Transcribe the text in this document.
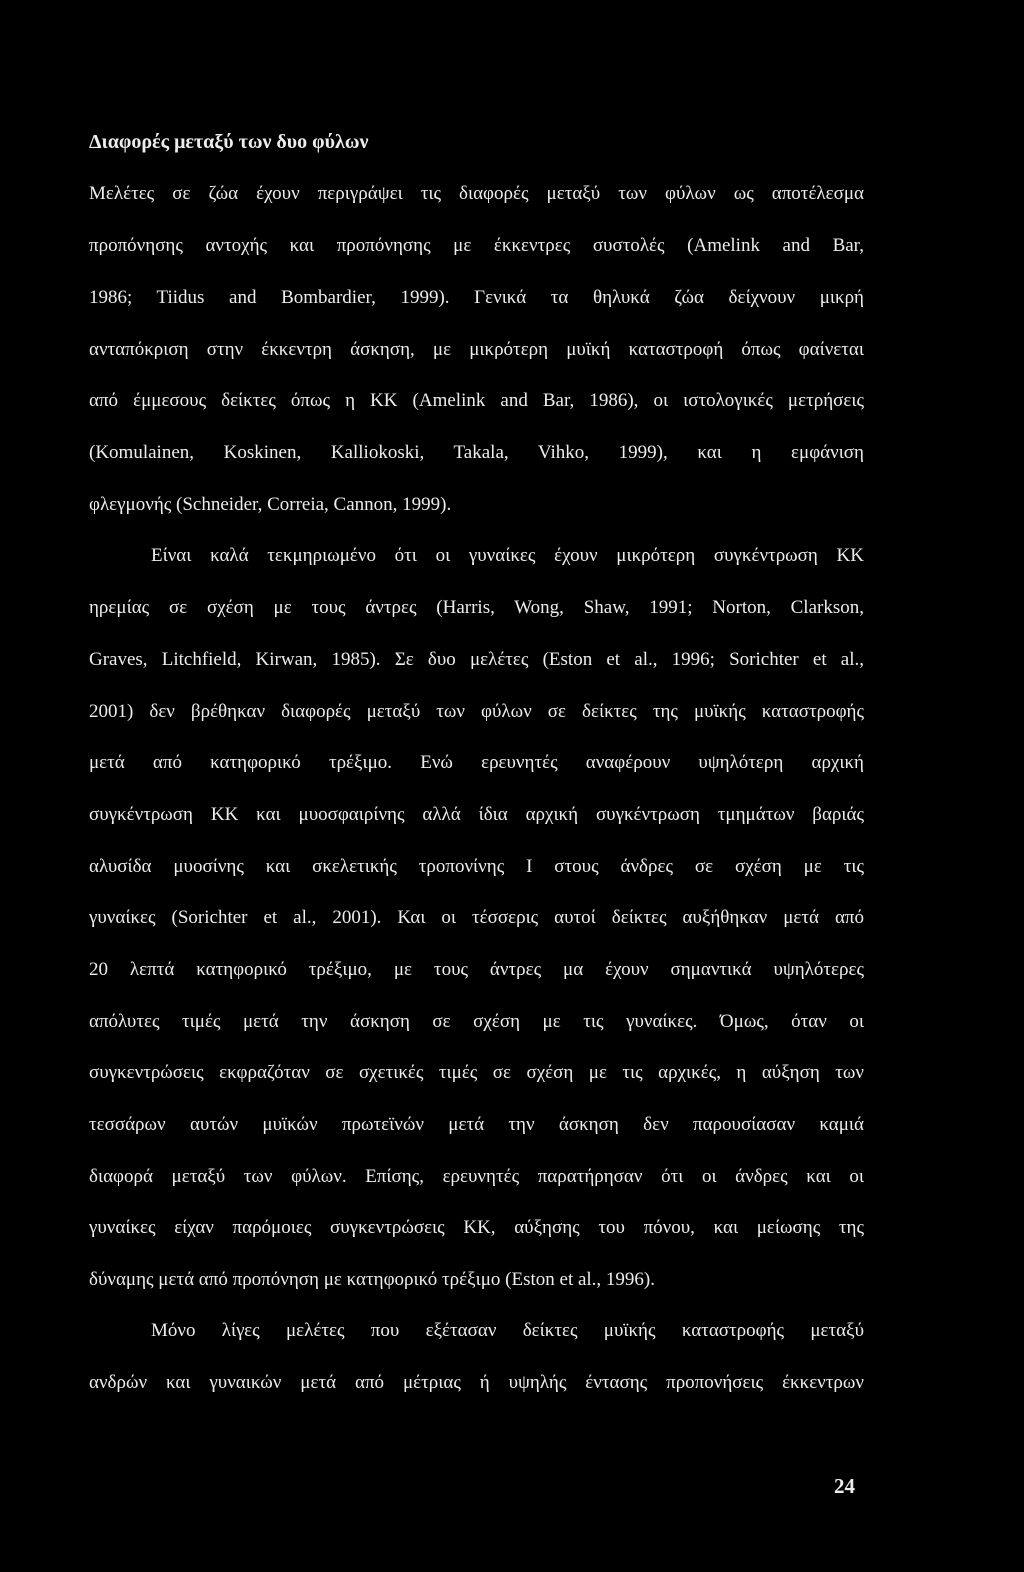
Διαφορές μεταξύ των δυο φύλων
Μελέτες σε ζώα έχουν περιγράψει τις διαφορές μεταξύ των φύλων ως αποτέλεσμα
προπόνησης αντοχής και προπόνησης με έκκεντρες συστολές (Amelink and Bar,
1986; Tiidus and Bombardier, 1999). Γενικά τα θηλυκά ζώα δείχνουν μικρή
ανταπόκριση στην έκκεντρη άσκηση, με μικρότερη μυϊκή καταστροφή όπως φαίνεται
από έμμεσους δείκτες όπως η ΚΚ (Amelink and Bar, 1986), οι ιστολογικές μετρήσεις
(Komulainen, Koskinen, Kalliokoski, Takala, Vihko, 1999), και η εμφάνιση
φλεγμονής (Schneider, Correia, Cannon, 1999).
Είναι καλά τεκμηριωμένο ότι οι γυναίκες έχουν μικρότερη συγκέντρωση ΚΚ
ηρεμίας σε σχέση με τους άντρες (Harris, Wong, Shaw, 1991; Norton, Clarkson,
Graves, Litchfield, Kirwan, 1985). Σε δυο μελέτες (Eston et al., 1996; Sorichter et al.,
2001) δεν βρέθηκαν διαφορές μεταξύ των φύλων σε δείκτες της μυϊκής καταστροφής
μετά από κατηφορικό τρέξιμο. Ενώ ερευνητές αναφέρουν υψηλότερη αρχική
συγκέντρωση ΚΚ και μυοσφαιρίνης αλλά ίδια αρχική συγκέντρωση τμημάτων βαριάς
αλυσίδα μυοσίνης και σκελετικής τροπονίνης Ι στους άνδρες σε σχέση με τις
γυναίκες (Sorichter et al., 2001). Και οι τέσσερις αυτοί δείκτες αυξήθηκαν μετά από
20 λεπτά κατηφορικό τρέξιμο, με τους άντρες μα έχουν σημαντικά υψηλότερες
απόλυτες τιμές μετά την άσκηση σε σχέση με τις γυναίκες. Όμως, όταν οι
συγκεντρώσεις εκφραζόταν σε σχετικές τιμές σε σχέση με τις αρχικές, η αύξηση των
τεσσάρων αυτών μυϊκών πρωτεϊνών μετά την άσκηση δεν παρουσίασαν καμιά
διαφορά μεταξύ των φύλων. Επίσης, ερευνητές παρατήρησαν ότι οι άνδρες και οι
γυναίκες είχαν παρόμοιες συγκεντρώσεις ΚΚ, αύξησης του πόνου, και μείωσης της
δύναμης μετά από προπόνηση με κατηφορικό τρέξιμο (Eston et al., 1996).
Μόνο λίγες μελέτες που εξέτασαν δείκτες μυϊκής καταστροφής μεταξύ
ανδρών και γυναικών μετά από μέτριας ή υψηλής έντασης προπονήσεις έκκεντρων
24
